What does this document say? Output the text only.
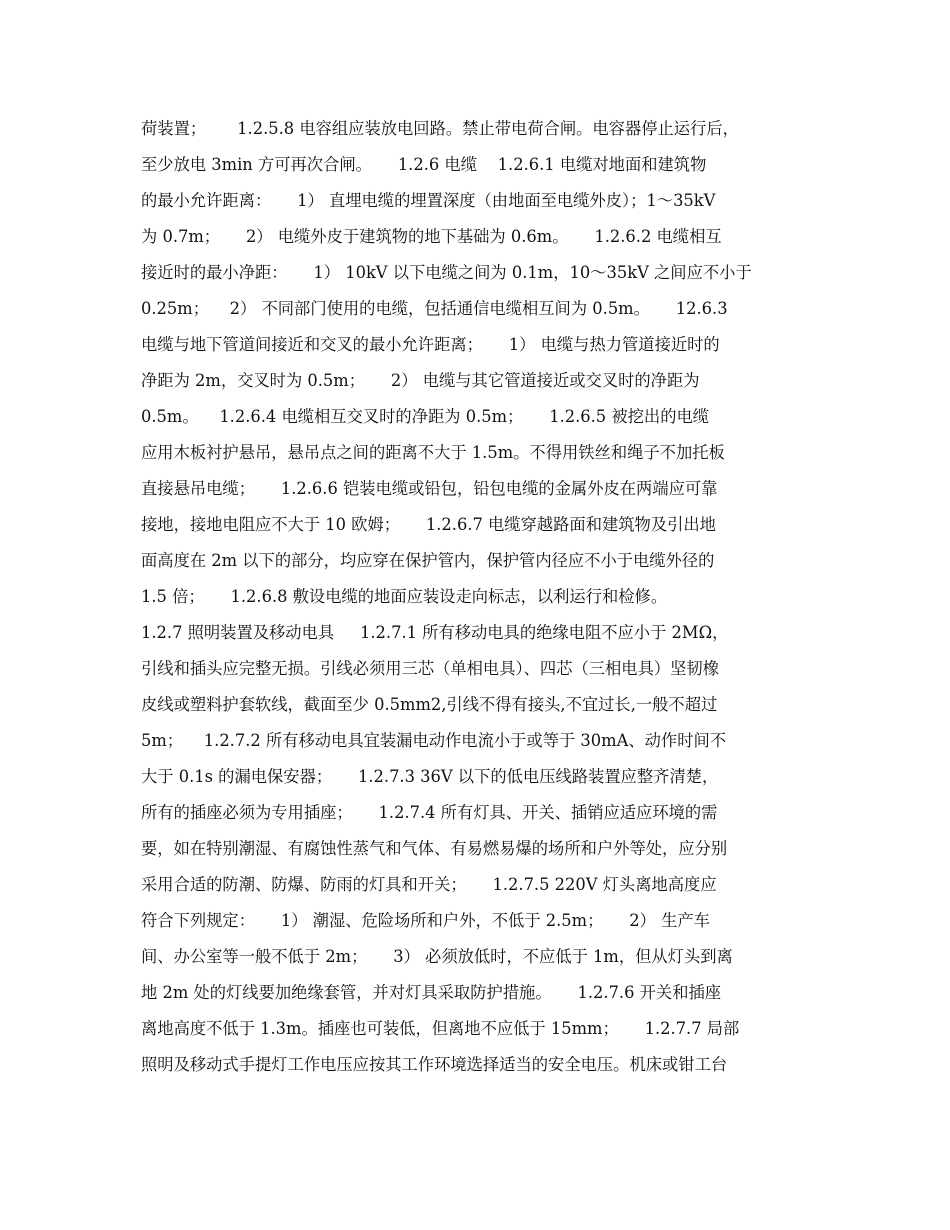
荷装置；      1.2.5.8 电容组应装放电回路。禁止带电荷合闸。电容器停止运行后，
至少放电 3min 方可再次合闸。     1.2.6 电缆    1.2.6.1 电缆对地面和建筑物
的最小允许距离：     1） 直埋电缆的埋置深度（由地面至电缆外皮）；1～35kV
为 0.7m；     2） 电缆外皮于建筑物的地下基础为 0.6m。     1.2.6.2 电缆相互
接近时的最小净距：     1） 10kV 以下电缆之间为 0.1m，10～35kV 之间应不小于
0.25m；    2） 不同部门使用的电缆，包括通信电缆相互间为 0.5m。     12.6.3
电缆与地下管道间接近和交叉的最小允许距离；     1） 电缆与热力管道接近时的
净距为 2m，交叉时为 0.5m；     2） 电缆与其它管道接近或交叉时的净距为
0.5m。    1.2.6.4 电缆相互交叉时的净距为 0.5m；     1.2.6.5 被挖出的电缆
应用木板衬护悬吊，悬吊点之间的距离不大于 1.5m。不得用铁丝和绳子不加托板
直接悬吊电缆；     1.2.6.6 铠装电缆或铅包，铅包电缆的金属外皮在两端应可靠
接地，接地电阻应不大于 10 欧姆；     1.2.6.7 电缆穿越路面和建筑物及引出地
面高度在 2m 以下的部分，均应穿在保护管内，保护管内径应不小于电缆外径的
1.5 倍；     1.2.6.8 敷设电缆的地面应装设走向标志，以利运行和检修。
1.2.7 照明装置及移动电具     1.2.7.1 所有移动电具的绝缘电阻不应小于 2MΩ，
引线和插头应完整无损。引线必须用三芯（单相电具）、四芯（三相电具）坚韧橡
皮线或塑料护套软线，截面至少 0.5mm2,引线不得有接头,不宜过长,一般不超过
5m；    1.2.7.2 所有移动电具宜装漏电动作电流小于或等于 30mA、动作时间不
大于 0.1s 的漏电保安器；     1.2.7.3 36V 以下的低电压线路装置应整齐清楚，
所有的插座必须为专用插座；     1.2.7.4 所有灯具、开关、插销应适应环境的需
要，如在特别潮湿、有腐蚀性蒸气和气体、有易燃易爆的场所和户外等处，应分别
采用合适的防潮、防爆、防雨的灯具和开关；     1.2.7.5 220V 灯头离地高度应
符合下列规定：     1） 潮湿、危险场所和户外，不低于 2.5m；     2） 生产车
间、办公室等一般不低于 2m；     3） 必须放低时，不应低于 1m，但从灯头到离
地 2m 处的灯线要加绝缘套管，并对灯具采取防护措施。     1.2.7.6 开关和插座
离地高度不低于 1.3m。插座也可装低，但离地不应低于 15mm；     1.2.7.7 局部
照明及移动式手提灯工作电压应按其工作环境选择适当的安全电压。机床或钳工台
